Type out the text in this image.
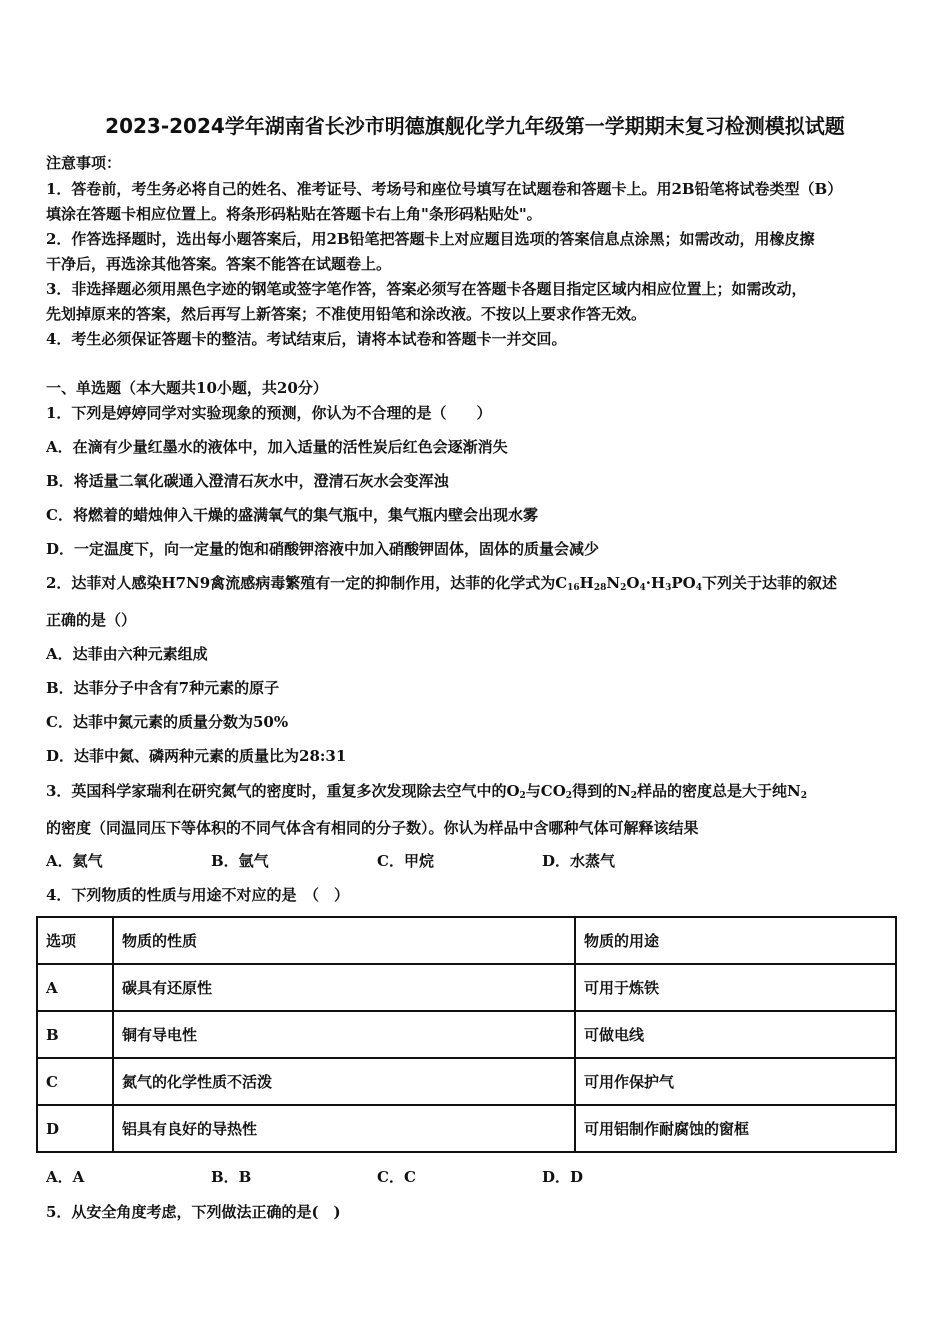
2023-2024学年湖南省长沙市明德旗舰化学九年级第一学期期末复习检测模拟试题
注意事项：
1．答卷前，考生务必将自己的姓名、准考证号、考场号和座位号填写在试题卷和答题卡上。用2B铅笔将试卷类型（B）
填涂在答题卡相应位置上。将条形码粘贴在答题卡右上角"条形码粘贴处"。
2．作答选择题时，选出每小题答案后，用2B铅笔把答题卡上对应题目选项的答案信息点涂黑；如需改动，用橡皮擦
干净后，再选涂其他答案。答案不能答在试题卷上。
3．非选择题必须用黑色字迹的钢笔或签字笔作答，答案必须写在答题卡各题目指定区域内相应位置上；如需改动，
先划掉原来的答案，然后再写上新答案；不准使用铅笔和涂改液。不按以上要求作答无效。
4．考生必须保证答题卡的整洁。考试结束后，请将本试卷和答题卡一并交回。
一、单选题（本大题共10小题，共20分）
1．下列是婷婷同学对实验现象的预测，你认为不合理的是（　　）
A．在滴有少量红墨水的液体中，加入适量的活性炭后红色会逐渐消失
B．将适量二氧化碳通入澄清石灰水中，澄清石灰水会变浑浊
C．将燃着的蜡烛伸入干燥的盛满氧气的集气瓶中，集气瓶内壁会出现水雾
D．一定温度下，向一定量的饱和硝酸钾溶液中加入硝酸钾固体，固体的质量会减少
2．达菲对人感染H7N9禽流感病毒繁殖有一定的抑制作用，达菲的化学式为$C_{16}H_{28}N_2O_4\cdot H_3PO_4$下列关于达菲的叙述
正确的是（）
A．达菲由六种元素组成
B．达菲分子中含有7种元素的原子
C．达菲中氮元素的质量分数为50%
D．达菲中氮、磷两种元素的质量比为28:31
3．英国科学家瑞利在研究氮气的密度时，重复多次发现除去空气中的$O_2$与$CO_2$得到的$N_2$样品的密度总是大于纯$N_2$
的密度（同温同压下等体积的不同气体含有相同的分子数）。你认为样品中含哪种气体可解释该结果
A．氦气	B．氩气	C．甲烷	D．水蒸气
4．下列物质的性质与用途不对应的是　（　）
选项	物质的性质	物质的用途
A	碳具有还原性	可用于炼铁
B	铜有导电性	可做电线
C	氮气的化学性质不活泼	可用作保护气
D	铝具有良好的导热性	可用铝制作耐腐蚀的窗框
A．A	B．B	C．C	D．D
5．从安全角度考虑，下列做法正确的是(　)
